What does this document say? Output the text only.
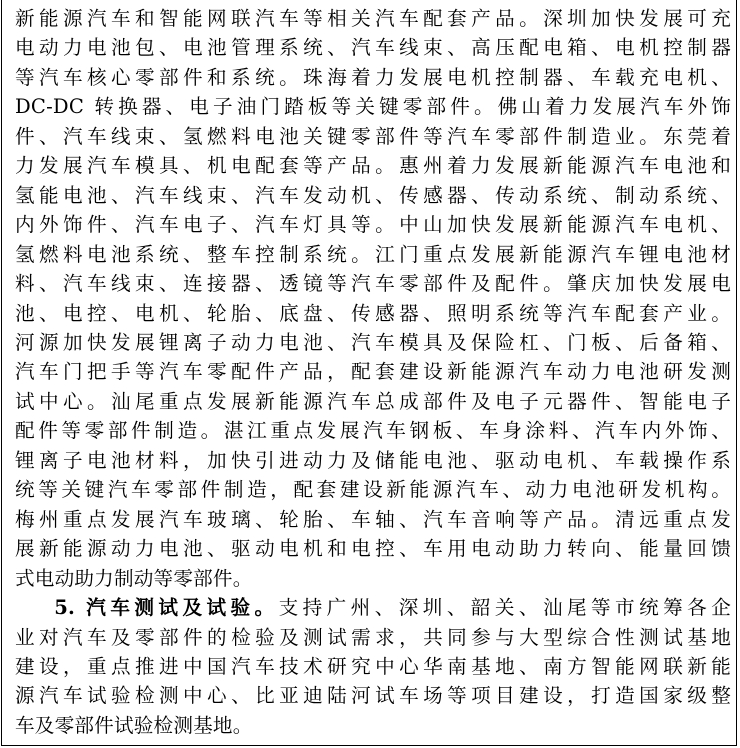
新能源汽车和智能网联汽车等相关汽车配套产品。深圳加快发展可充
电动力电池包、电池管理系统、汽车线束、高压配电箱、电机控制器
等汽车核心零部件和系统。珠海着力发展电机控制器、车载充电机、
DC-DC 转换器、电子油门踏板等关键零部件。佛山着力发展汽车外饰
件、汽车线束、氢燃料电池关键零部件等汽车零部件制造业。东莞着
力发展汽车模具、机电配套等产品。惠州着力发展新能源汽车电池和
氢能电池、汽车线束、汽车发动机、传感器、传动系统、制动系统、
内外饰件、汽车电子、汽车灯具等。中山加快发展新能源汽车电机、
氢燃料电池系统、整车控制系统。江门重点发展新能源汽车锂电池材
料、汽车线束、连接器、透镜等汽车零部件及配件。肇庆加快发展电
池、电控、电机、轮胎、底盘、传感器、照明系统等汽车配套产业。
河源加快发展锂离子动力电池、汽车模具及保险杠、门板、后备箱、
汽车门把手等汽车零配件产品，配套建设新能源汽车动力电池研发测
试中心。汕尾重点发展新能源汽车总成部件及电子元器件、智能电子
配件等零部件制造。湛江重点发展汽车钢板、车身涂料、汽车内外饰、
锂离子电池材料，加快引进动力及储能电池、驱动电机、车载操作系
统等关键汽车零部件制造，配套建设新能源汽车、动力电池研发机构。
梅州重点发展汽车玻璃、轮胎、车轴、汽车音响等产品。清远重点发
展新能源动力电池、驱动电机和电控、车用电动助力转向、能量回馈
式电动助力制动等零部件。
5. 汽车测试及试验。支持广州、深圳、韶关、汕尾等市统筹各企
业对汽车及零部件的检验及测试需求，共同参与大型综合性测试基地
建设，重点推进中国汽车技术研究中心华南基地、南方智能网联新能
源汽车试验检测中心、比亚迪陆河试车场等项目建设，打造国家级整
车及零部件试验检测基地。
